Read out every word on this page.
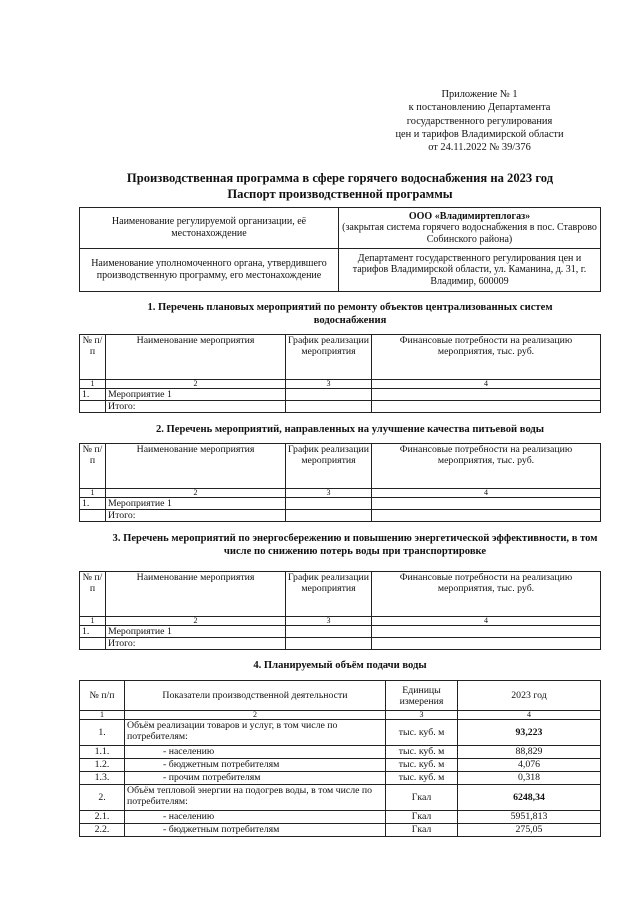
Приложение № 1
к постановлению Департамента
государственного регулирования
цен и тарифов Владимирской области
от 24.11.2022 № 39/376
Производственная программа в сфере горячего водоснабжения на 2023 год
Паспорт производственной программы
Наименование регулируемой организации, её местонахождение	ООО «Владимиртеплогаз»
(закрытая система горячего водоснабжения в пос. Ставрово Собинского района)

Наименование уполномоченного органа, утвердившего производственную программу, его местонахождение	Департамент государственного регулирования цен и тарифов Владимирской области, ул. Каманина, д. 31, г. Владимир, 600009
1. Перечень плановых мероприятий по ремонту объектов централизованных систем водоснабжения
№ п/п	Наименование мероприятия	График реализации мероприятия	Финансовые потребности на реализацию мероприятия, тыс. руб.
1	2	3	4
1.	Мероприятие 1		
	Итого:		
2. Перечень мероприятий, направленных на улучшение качества питьевой воды
№ п/п	Наименование мероприятия	График реализации мероприятия	Финансовые потребности на реализацию мероприятия, тыс. руб.
1	2	3	4
1.	Мероприятие 1		
	Итого:		
3. Перечень мероприятий по энергосбережению и повышению энергетической эффективности, в том числе по снижению потерь воды при транспортировке
№ п/п	Наименование мероприятия	График реализации мероприятия	Финансовые потребности на реализацию мероприятия, тыс. руб.
1	2	3	4
1.	Мероприятие 1		
	Итого:		
4. Планируемый объём подачи воды
№ п/п	Показатели производственной деятельности	Единицы измерения	2023 год
1	2	3	4
1.	Объём реализации товаров и услуг, в том числе по потребителям:	тыс. куб. м	93,223
1.1.	- населению	тыс. куб. м	88,829
1.2.	- бюджетным потребителям	тыс. куб. м	4,076
1.3.	- прочим потребителям	тыс. куб. м	0,318
2.	Объём тепловой энергии на подогрев воды, в том числе по потребителям:	Гкал	6248,34
2.1.	- населению	Гкал	5951,813
2.2.	- бюджетным потребителям	Гкал	275,05
